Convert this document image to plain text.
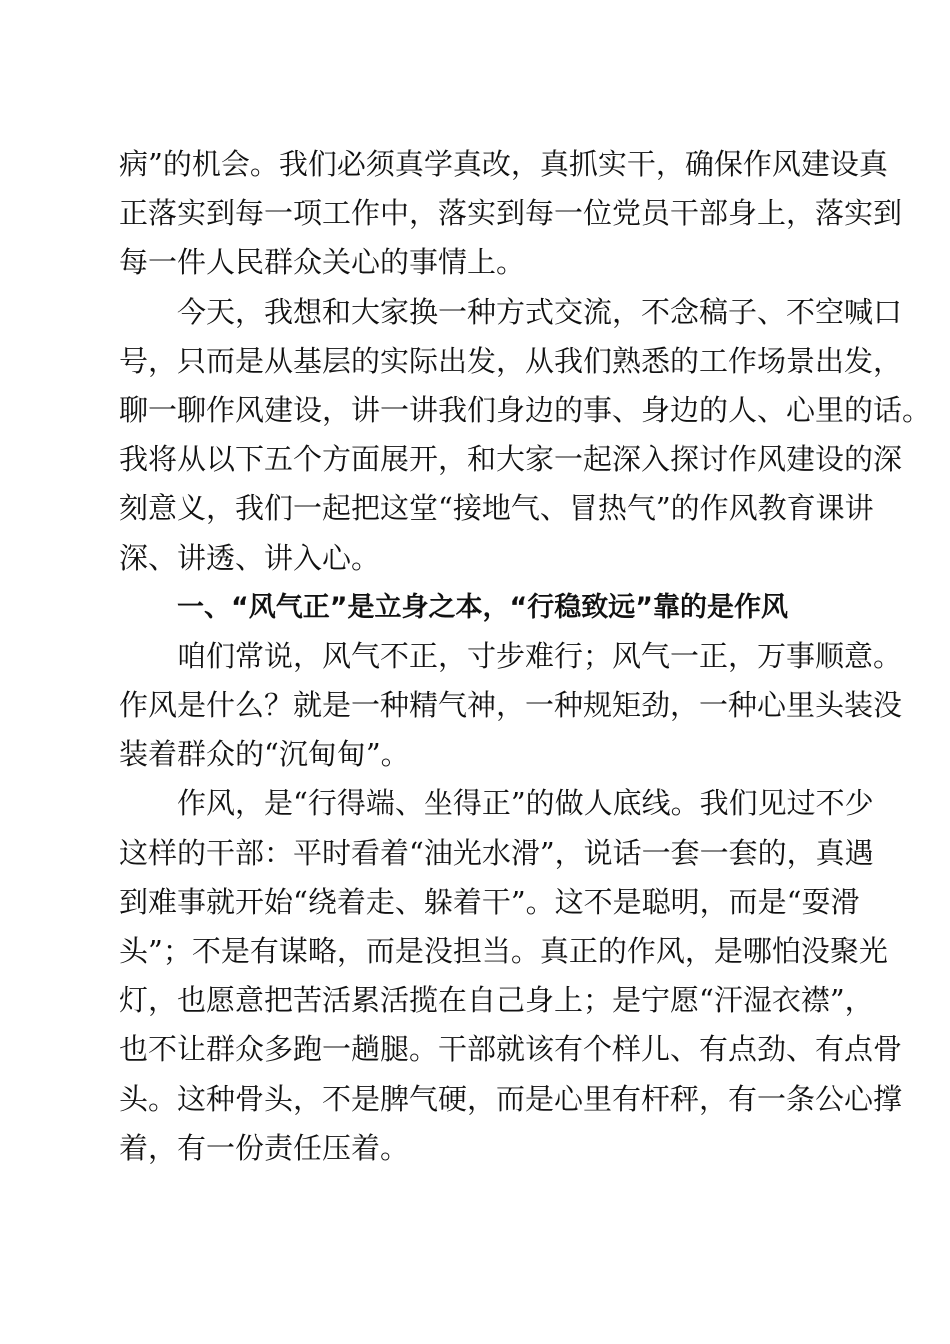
病”的机会。我们必须真学真改，真抓实干，确保作风建设真
正落实到每一项工作中，落实到每一位党员干部身上，落实到
每一件人民群众关心的事情上。
今天，我想和大家换一种方式交流，不念稿子、不空喊口
号，只而是从基层的实际出发，从我们熟悉的工作场景出发，
聊一聊作风建设，讲一讲我们身边的事、身边的人、心里的话。
我将从以下五个方面展开，和大家一起深入探讨作风建设的深
刻意义，我们一起把这堂“接地气、冒热气”的作风教育课讲
深、讲透、讲入心。
一、“风气正”是立身之本，“行稳致远”靠的是作风
咱们常说，风气不正，寸步难行；风气一正，万事顺意。
作风是什么？就是一种精气神，一种规矩劲，一种心里头装没
装着群众的“沉甸甸”。
作风，是“行得端、坐得正”的做人底线。我们见过不少
这样的干部：平时看着“油光水滑”，说话一套一套的，真遇
到难事就开始“绕着走、躲着干”。这不是聪明，而是“耍滑
头”；不是有谋略，而是没担当。真正的作风，是哪怕没聚光
灯，也愿意把苦活累活揽在自己身上；是宁愿“汗湿衣襟”，
也不让群众多跑一趟腿。干部就该有个样儿、有点劲、有点骨
头。这种骨头，不是脾气硬，而是心里有杆秤，有一条公心撑
着，有一份责任压着。
